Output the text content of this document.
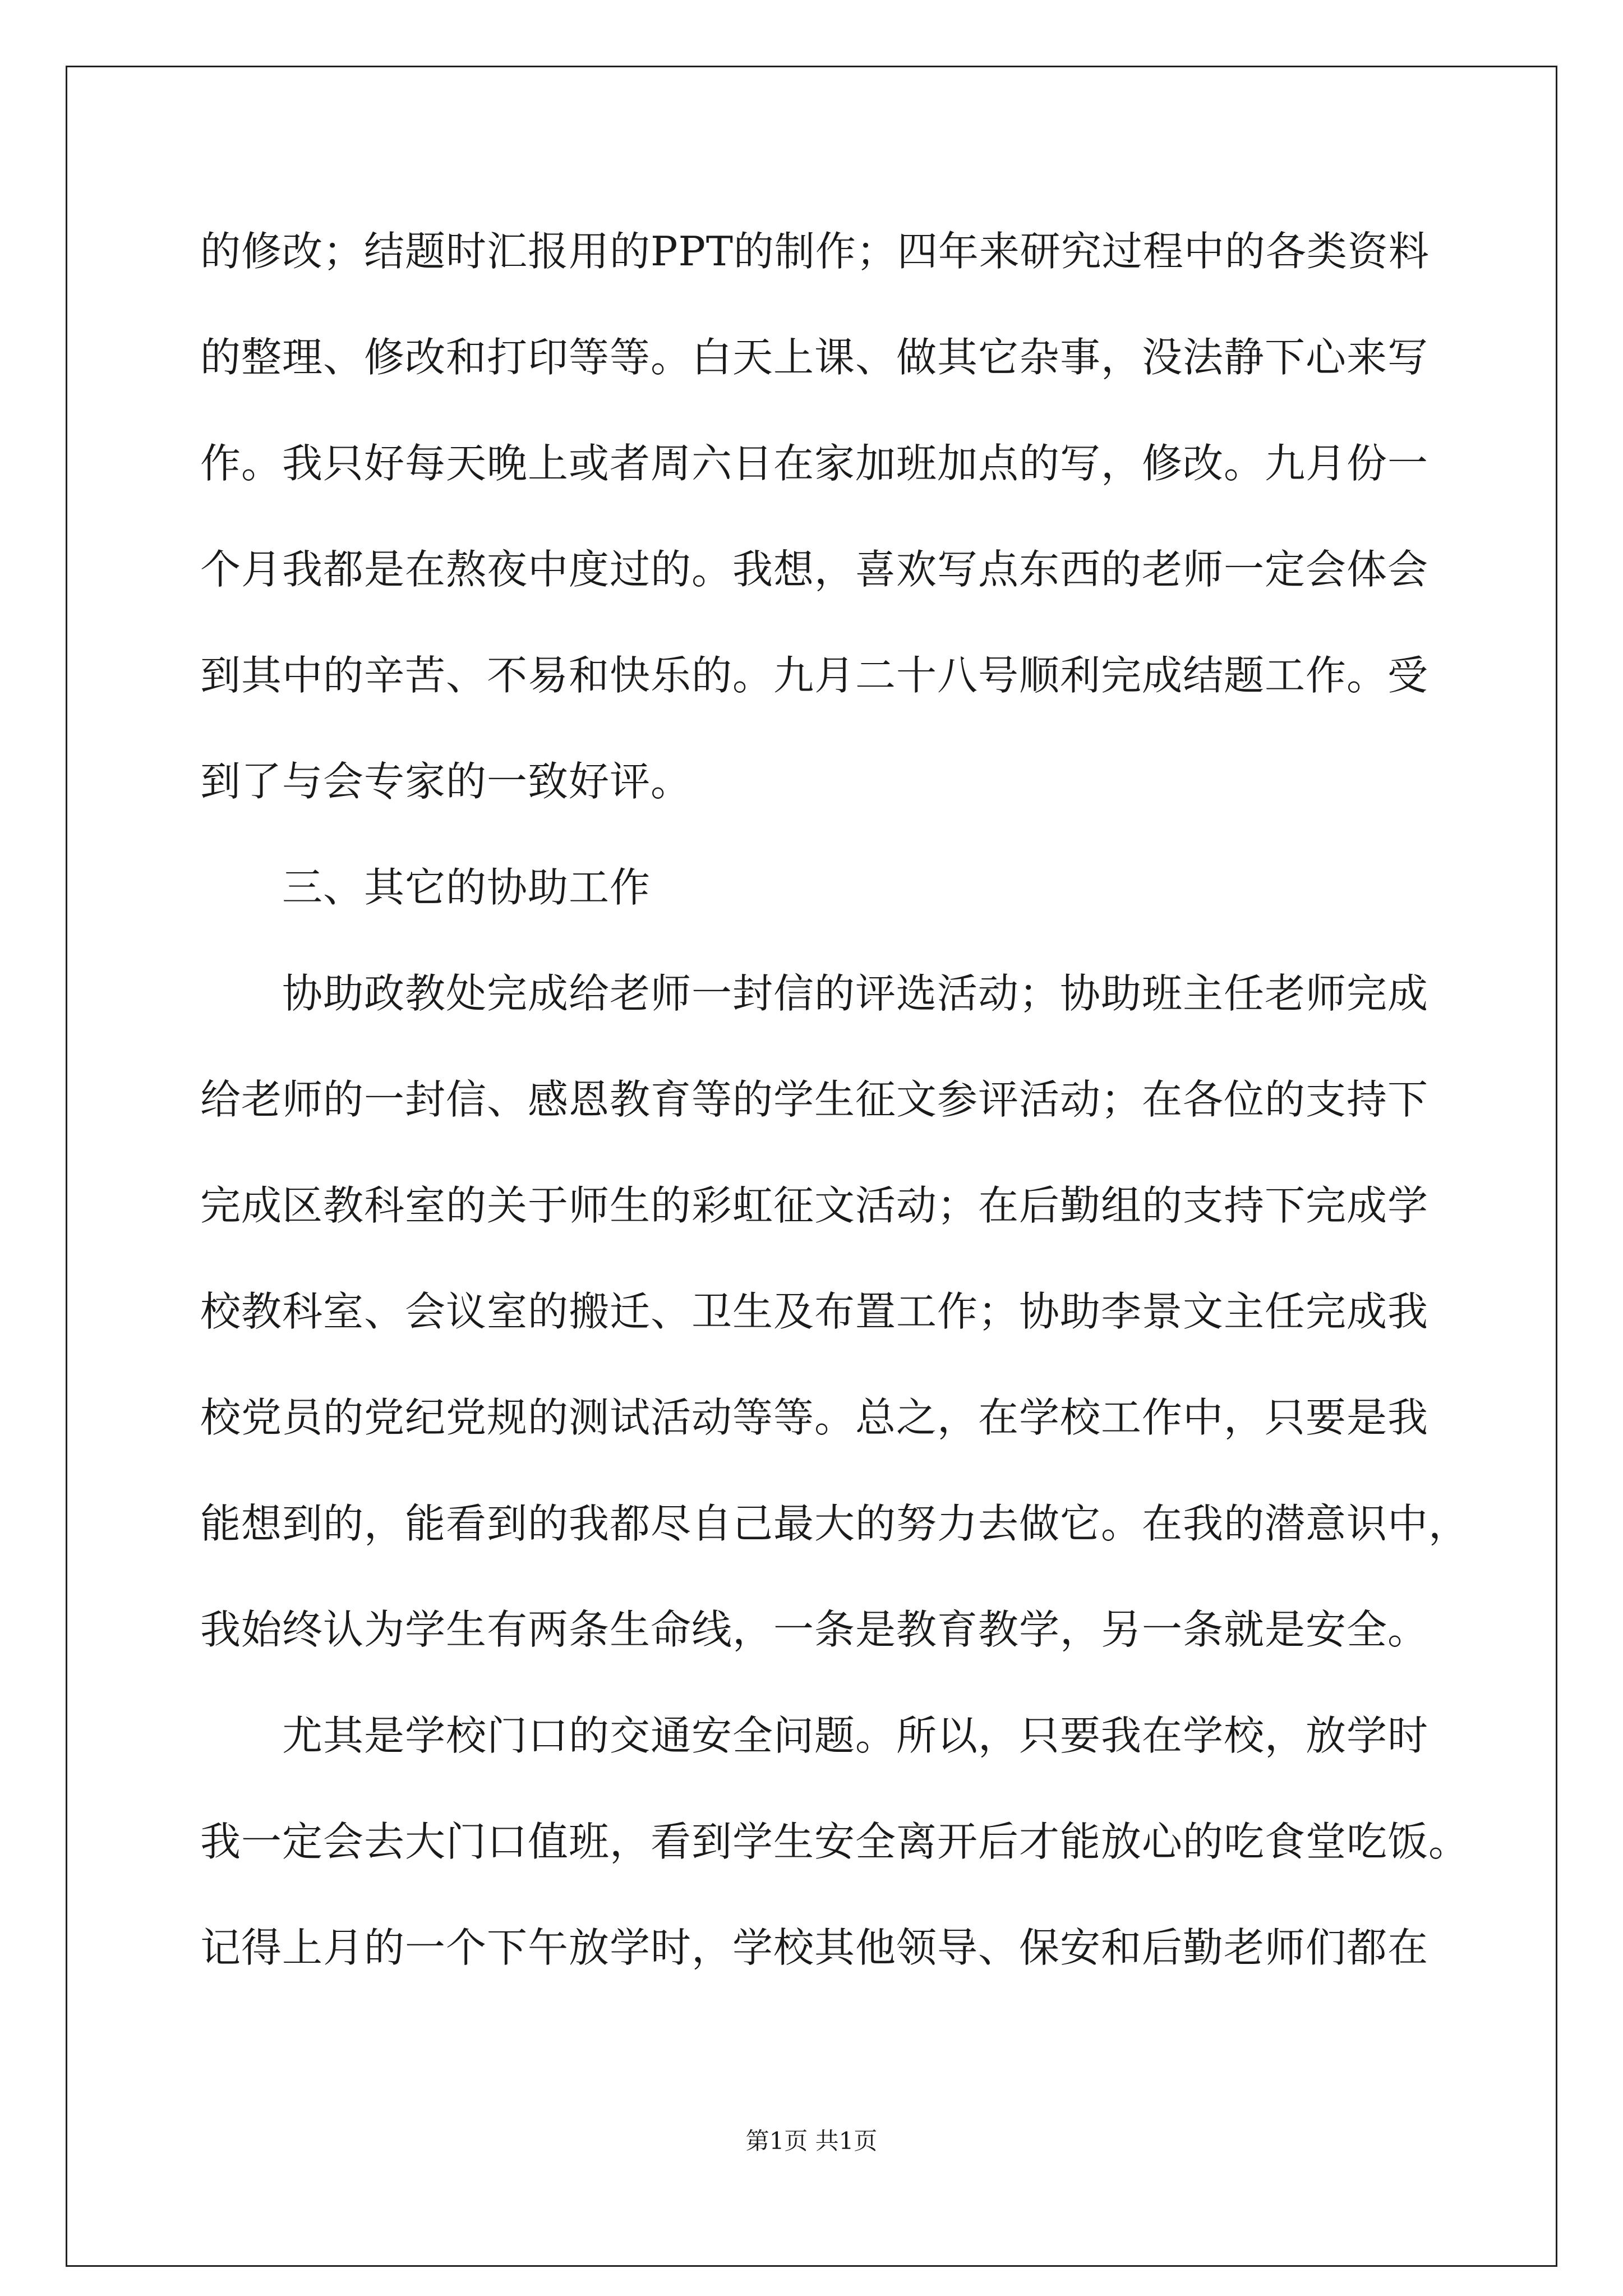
的修改；结题时汇报用的PPT的制作；四年来研究过程中的各类资料
的整理、修改和打印等等。白天上课、做其它杂事，没法静下心来写
作。我只好每天晚上或者周六日在家加班加点的写，修改。九月份一
个月我都是在熬夜中度过的。我想，喜欢写点东西的老师一定会体会
到其中的辛苦、不易和快乐的。九月二十八号顺利完成结题工作。受
到了与会专家的一致好评。
三、其它的协助工作
协助政教处完成给老师一封信的评选活动；协助班主任老师完成
给老师的一封信、感恩教育等的学生征文参评活动；在各位的支持下
完成区教科室的关于师生的彩虹征文活动；在后勤组的支持下完成学
校教科室、会议室的搬迁、卫生及布置工作；协助李景文主任完成我
校党员的党纪党规的测试活动等等。总之，在学校工作中，只要是我
能想到的，能看到的我都尽自己最大的努力去做它。在我的潜意识中，
我始终认为学生有两条生命线，一条是教育教学，另一条就是安全。
尤其是学校门口的交通安全问题。所以，只要我在学校，放学时
我一定会去大门口值班，看到学生安全离开后才能放心的吃食堂吃饭。
记得上月的一个下午放学时，学校其他领导、保安和后勤老师们都在
第1页 共1页
